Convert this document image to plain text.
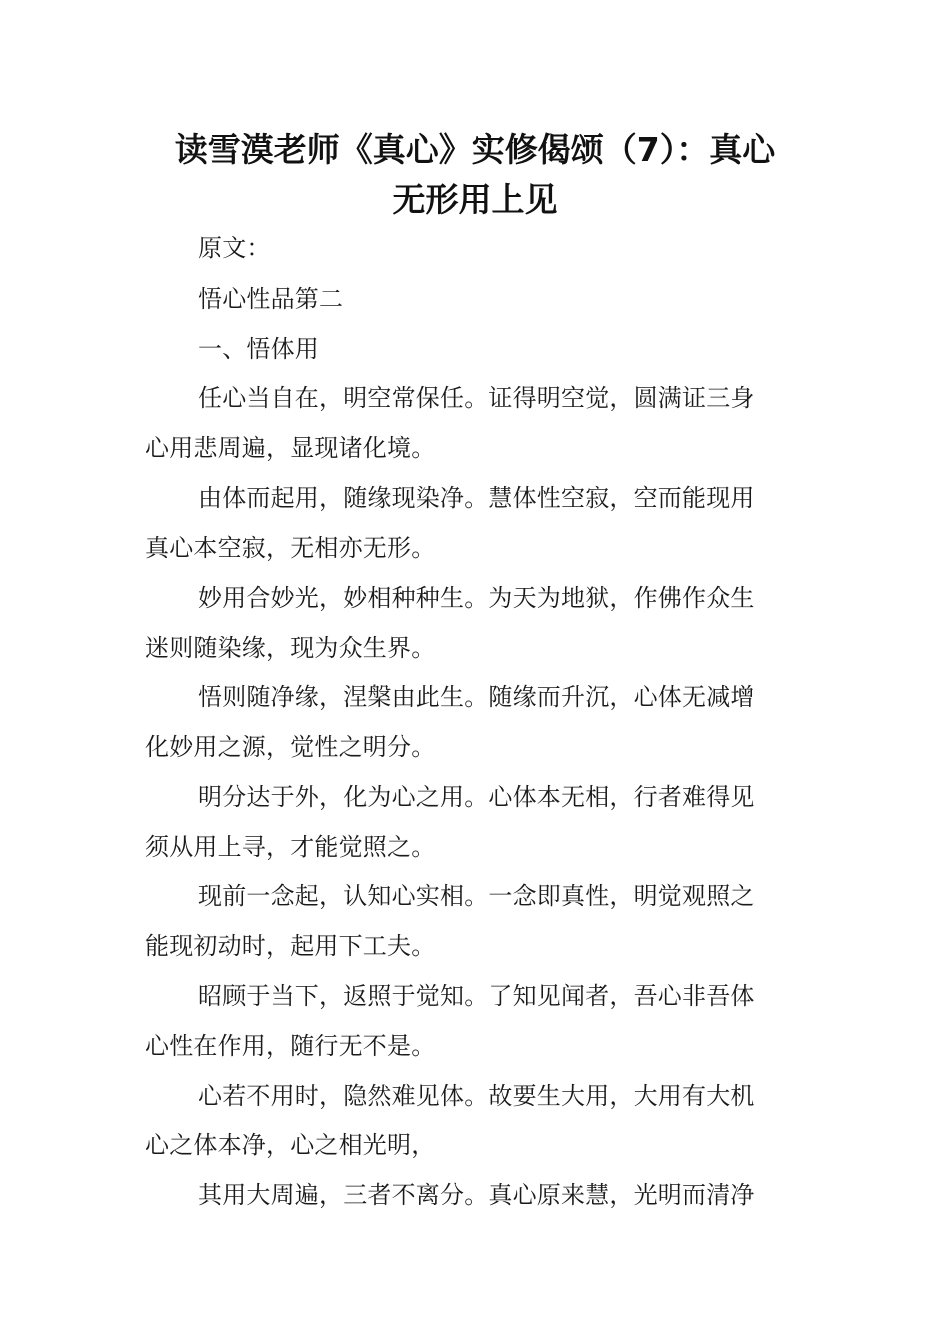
读雪漠老师《真心》实修偈颂（7）：真心
无形用上见
原文：
悟心性品第二
一、悟体用
任心当自在，明空常保任。证得明空觉，圆满证三身
心用悲周遍，显现诸化境。
由体而起用，随缘现染净。慧体性空寂，空而能现用
真心本空寂，无相亦无形。
妙用合妙光，妙相种种生。为天为地狱，作佛作众生
迷则随染缘，现为众生界。
悟则随净缘，涅槃由此生。随缘而升沉，心体无减增
化妙用之源，觉性之明分。
明分达于外，化为心之用。心体本无相，行者难得见
须从用上寻，才能觉照之。
现前一念起，认知心实相。一念即真性，明觉观照之
能现初动时，起用下工夫。
昭顾于当下，返照于觉知。了知见闻者，吾心非吾体
心性在作用，随行无不是。
心若不用时，隐然难见体。故要生大用，大用有大机
心之体本净，心之相光明，
其用大周遍，三者不离分。真心原来慧，光明而清净
